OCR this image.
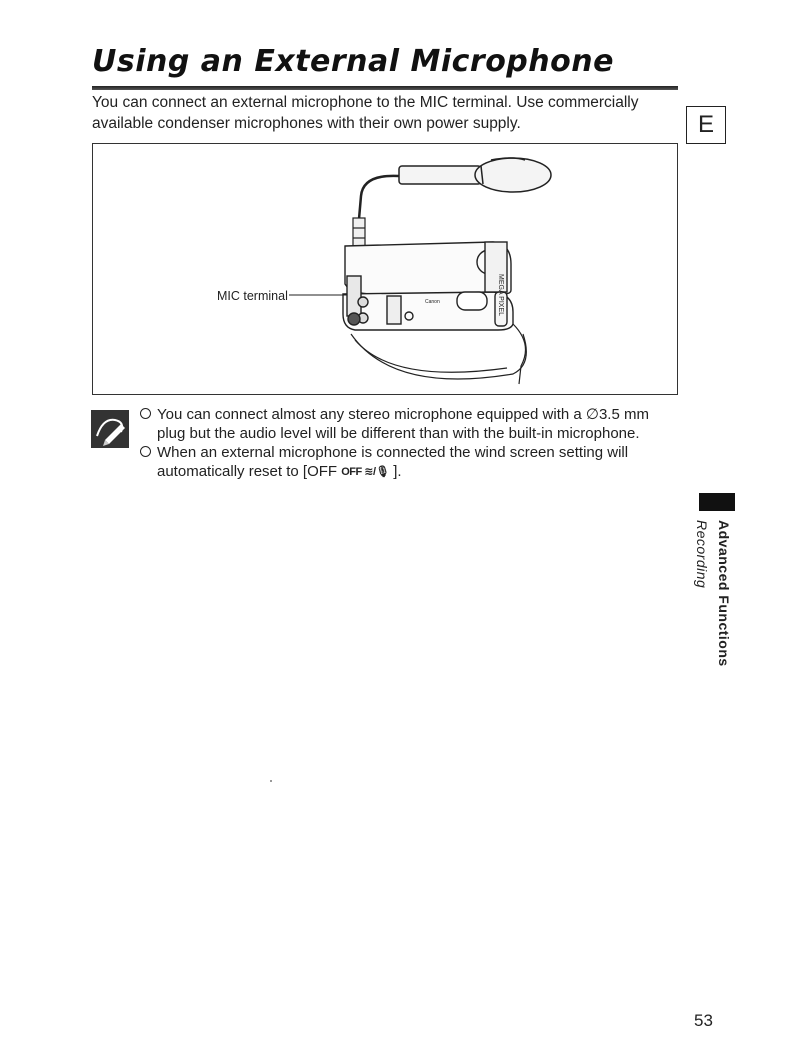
Using an External Microphone
You can connect an external microphone to the MIC terminal. Use commercially available condenser microphones with their own power supply.	E
Canon	MEGA PIXEL
MIC terminal
You can connect almost any stereo microphone equipped with a ∅3.5 mm plug but the audio level will be different than with the built-in microphone.
When an external microphone is connected the wind screen setting will automatically reset to [OFF OFF ≋/🎙 ].
Advanced Functions
Recording
53
